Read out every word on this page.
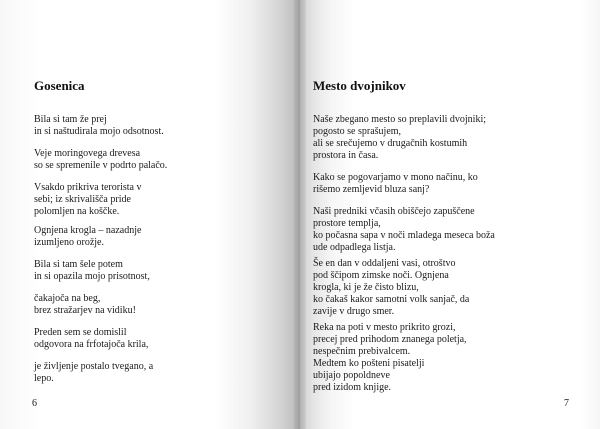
Gosenica
Bila si tam že prej
in si naštudirala mojo odsotnost.
Veje moringovega drevesa
so se spremenile v podrto palačo.
Vsakdo prikriva terorista v
sebi; iz skrivališča pride
polomljen na koščke.
Ognjena krogla – nazadnje
izumljeno orožje.
Bila si tam šele potem
in si opazila mojo prisotnost,
čakajoča na beg,
brez stražarjev na vidiku!
Preden sem se domislil
odgovora na frfotajoča krila,
je življenje postalo tvegano, a
lepo.
6
Mesto dvojnikov
Naše zbegano mesto so preplavili dvojniki;
pogosto se sprašujem,
ali se srečujemo v drugačnih kostumih
prostora in časa.
Kako se pogovarjamo v mono načinu, ko
rišemo zemljevid bluza sanj?
Naši predniki včasih obiščejo zapuščene
prostore templja,
ko počasna sapa v noči mladega meseca boža
ude odpadlega listja.
Še en dan v oddaljeni vasi, otroštvo
pod ščipom zimske noči. Ognjena
krogla, ki je že čisto blizu,
ko čakaš kakor samotni volk sanjač, da
zavije v drugo smer.
Reka na poti v mesto prikrito grozi,
precej pred prihodom znanega poletja,
nespečnim prebivalcem.
Medtem ko pošteni pisatelji
ubijajo popoldneve
pred izidom knjige.
7
